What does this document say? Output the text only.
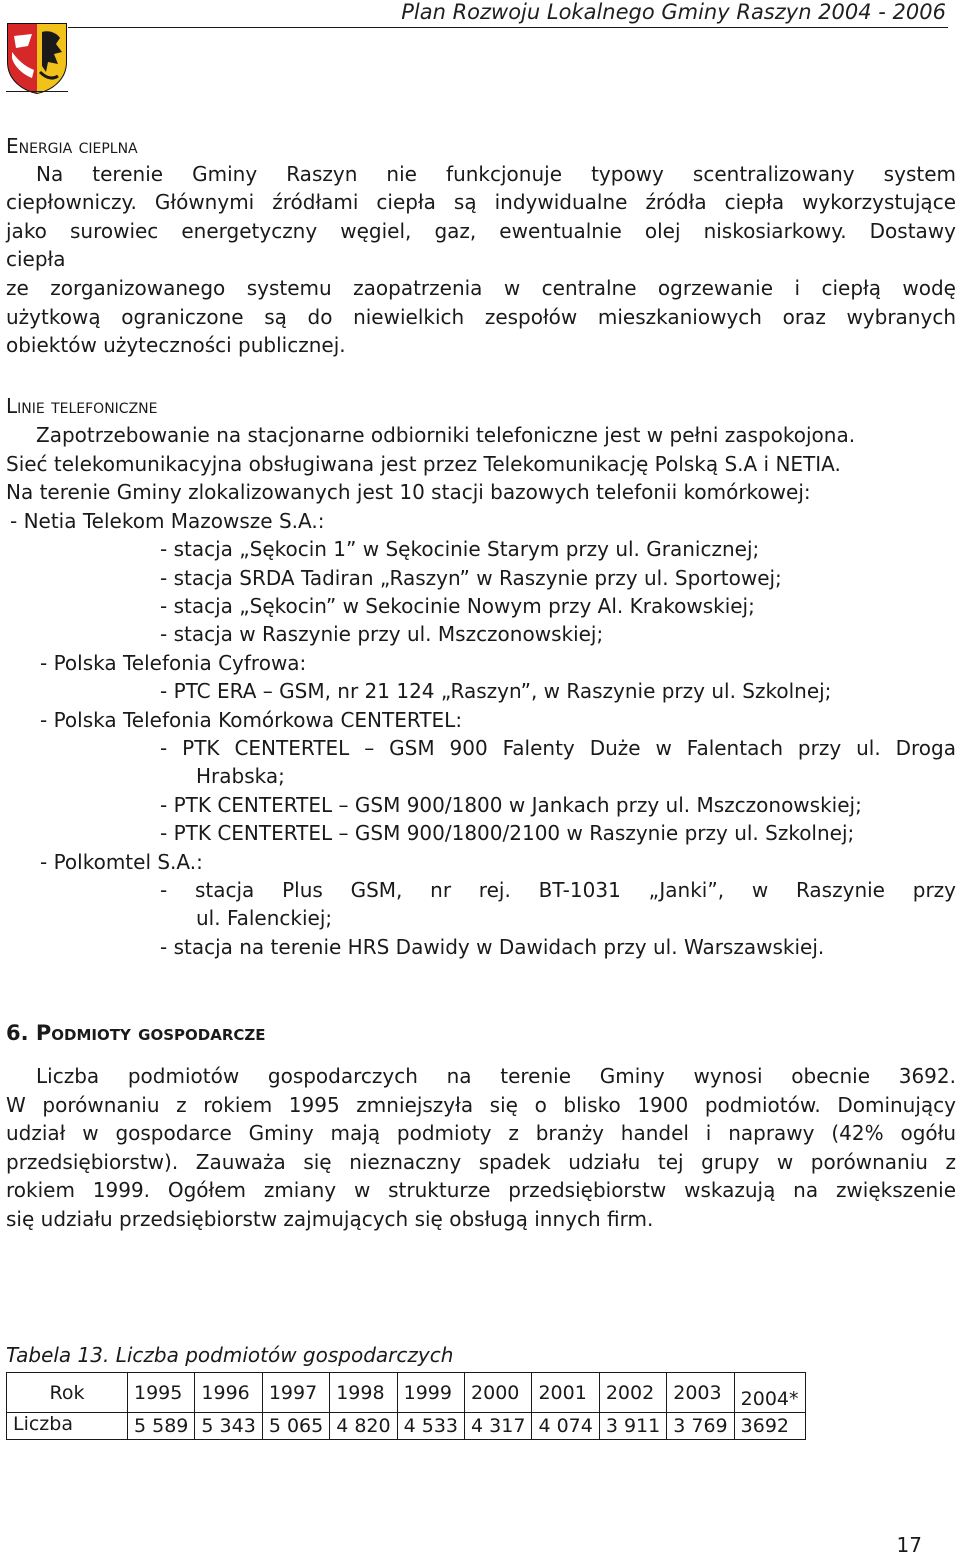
Plan Rozwoju Lokalnego Gminy Raszyn 2004 - 2006
Energia cieplna
Na terenie Gminy Raszyn nie funkcjonuje typowy scentralizowany system
ciepłowniczy. Głównymi źródłami ciepła są indywidualne źródła ciepła wykorzystujące
jako surowiec energetyczny węgiel, gaz, ewentualnie olej niskosiarkowy. Dostawy
ciepła
ze zorganizowanego systemu zaopatrzenia w centralne ogrzewanie i ciepłą wodę
użytkową ograniczone są do niewielkich zespołów mieszkaniowych oraz wybranych
obiektów użyteczności publicznej.
Linie telefoniczne
Zapotrzebowanie na stacjonarne odbiorniki telefoniczne jest w pełni zaspokojona.
Sieć telekomunikacyjna obsługiwana jest przez Telekomunikację Polską S.A i NETIA.
Na terenie Gminy zlokalizowanych jest 10 stacji bazowych telefonii komórkowej:
- Netia Telekom Mazowsze S.A.:
- stacja „Sękocin 1” w Sękocinie Starym przy ul. Granicznej;
- stacja SRDA Tadiran „Raszyn” w Raszynie przy ul. Sportowej;
- stacja „Sękocin” w Sekocinie Nowym przy Al. Krakowskiej;
- stacja w Raszynie przy ul. Mszczonowskiej;
- Polska Telefonia Cyfrowa:
- PTC ERA – GSM, nr 21 124 „Raszyn”, w Raszynie przy ul. Szkolnej;
- Polska Telefonia Komórkowa CENTERTEL:
- PTK CENTERTEL – GSM 900 Falenty Duże w Falentach przy ul. Droga
Hrabska;
- PTK CENTERTEL – GSM 900/1800 w Jankach przy ul. Mszczonowskiej;
- PTK CENTERTEL – GSM 900/1800/2100 w Raszynie przy ul. Szkolnej;
- Polkomtel S.A.:
- stacja Plus GSM, nr rej. BT-1031 „Janki”, w Raszynie przy
ul. Falenckiej;
- stacja na terenie HRS Dawidy w Dawidach przy ul. Warszawskiej.
6. Podmioty gospodarcze
Liczba podmiotów gospodarczych na terenie Gminy wynosi obecnie 3692.
W porównaniu z rokiem 1995 zmniejszyła się o blisko 1900 podmiotów. Dominujący
udział w gospodarce Gminy mają podmioty z branży handel i naprawy (42% ogółu
przedsiębiorstw). Zauważa się nieznaczny spadek udziału tej grupy w porównaniu z
rokiem 1999. Ogółem zmiany w strukturze przedsiębiorstw wskazują na zwiększenie
się udziału przedsiębiorstw zajmujących się obsługą innych firm.
Tabela 13. Liczba podmiotów gospodarczych
Rok	1995	1996	1997	1998	1999	2000	2001	2002	2003	2004*
Liczba	5 589	5 343	5 065	4 820	4 533	4 317	4 074	3 911	3 769	3692
17
